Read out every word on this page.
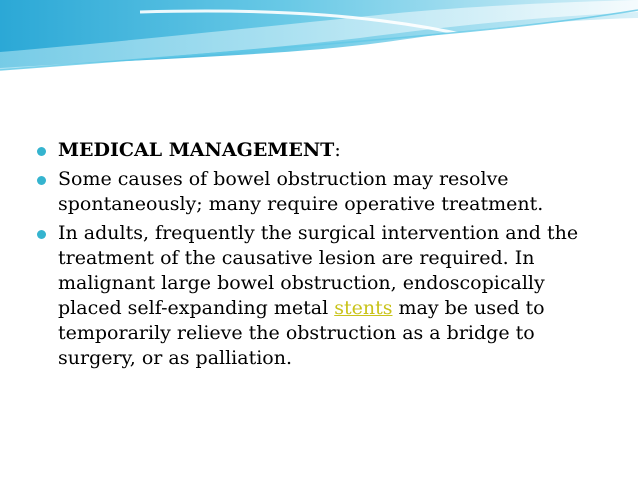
MEDICAL MANAGEMENT:
Some causes of bowel obstruction may resolve spontaneously; many require operative treatment.
In adults, frequently the surgical intervention and the treatment of the causative lesion are required. In malignant large bowel obstruction, endoscopically placed self-expanding metal stents may be used to temporarily relieve the obstruction as a bridge to surgery, or as palliation.
